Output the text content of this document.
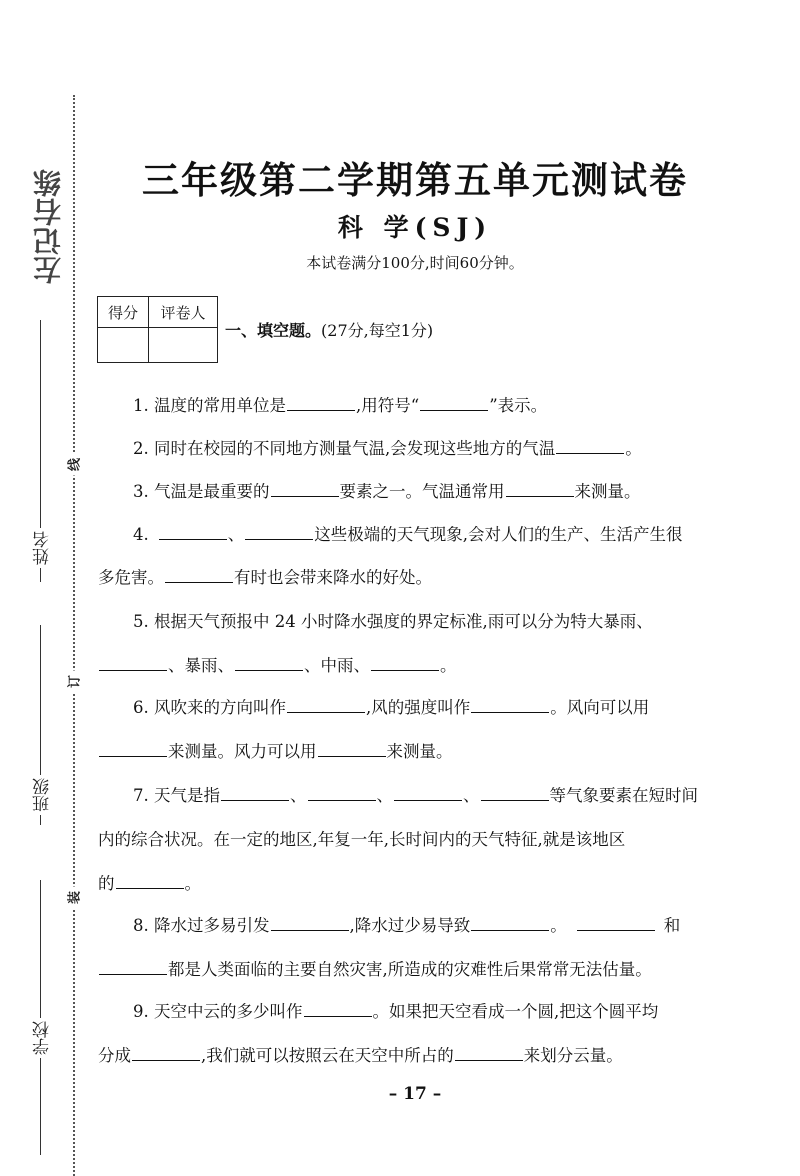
线
订
装
左记右练
姓名
班级
学校
三年级第二学期第五单元测试卷
科 学(SJ)
本试卷满分100分,时间60分钟。
得分	评卷人

一、填空题。(27分,每空1分)
1. 温度的常用单位是	,用符号“	”表示。
2. 同时在校园的不同地方测量气温,会发现这些地方的气温	。
3. 气温是最重要的	要素之一。气温通常用	来测量。
4.	、	这些极端的天气现象,会对人们的生产、生活产生很
多危害。	有时也会带来降水的好处。
5. 根据天气预报中 24 小时降水强度的界定标准,雨可以分为特大暴雨、
、暴雨、	、中雨、	。
6. 风吹来的方向叫作	,风的强度叫作	。风向可以用
来测量。风力可以用	来测量。
7. 天气是指	、	、	、	等气象要素在短时间
内的综合状况。在一定的地区,年复一年,长时间内的天气特征,就是该地区
的	。
8. 降水过多易引发	,降水过少易导致	。	和
都是人类面临的主要自然灾害,所造成的灾难性后果常常无法估量。
9. 天空中云的多少叫作	。如果把天空看成一个圆,把这个圆平均
分成	,我们就可以按照云在天空中所占的	来划分云量。
– 17 –
